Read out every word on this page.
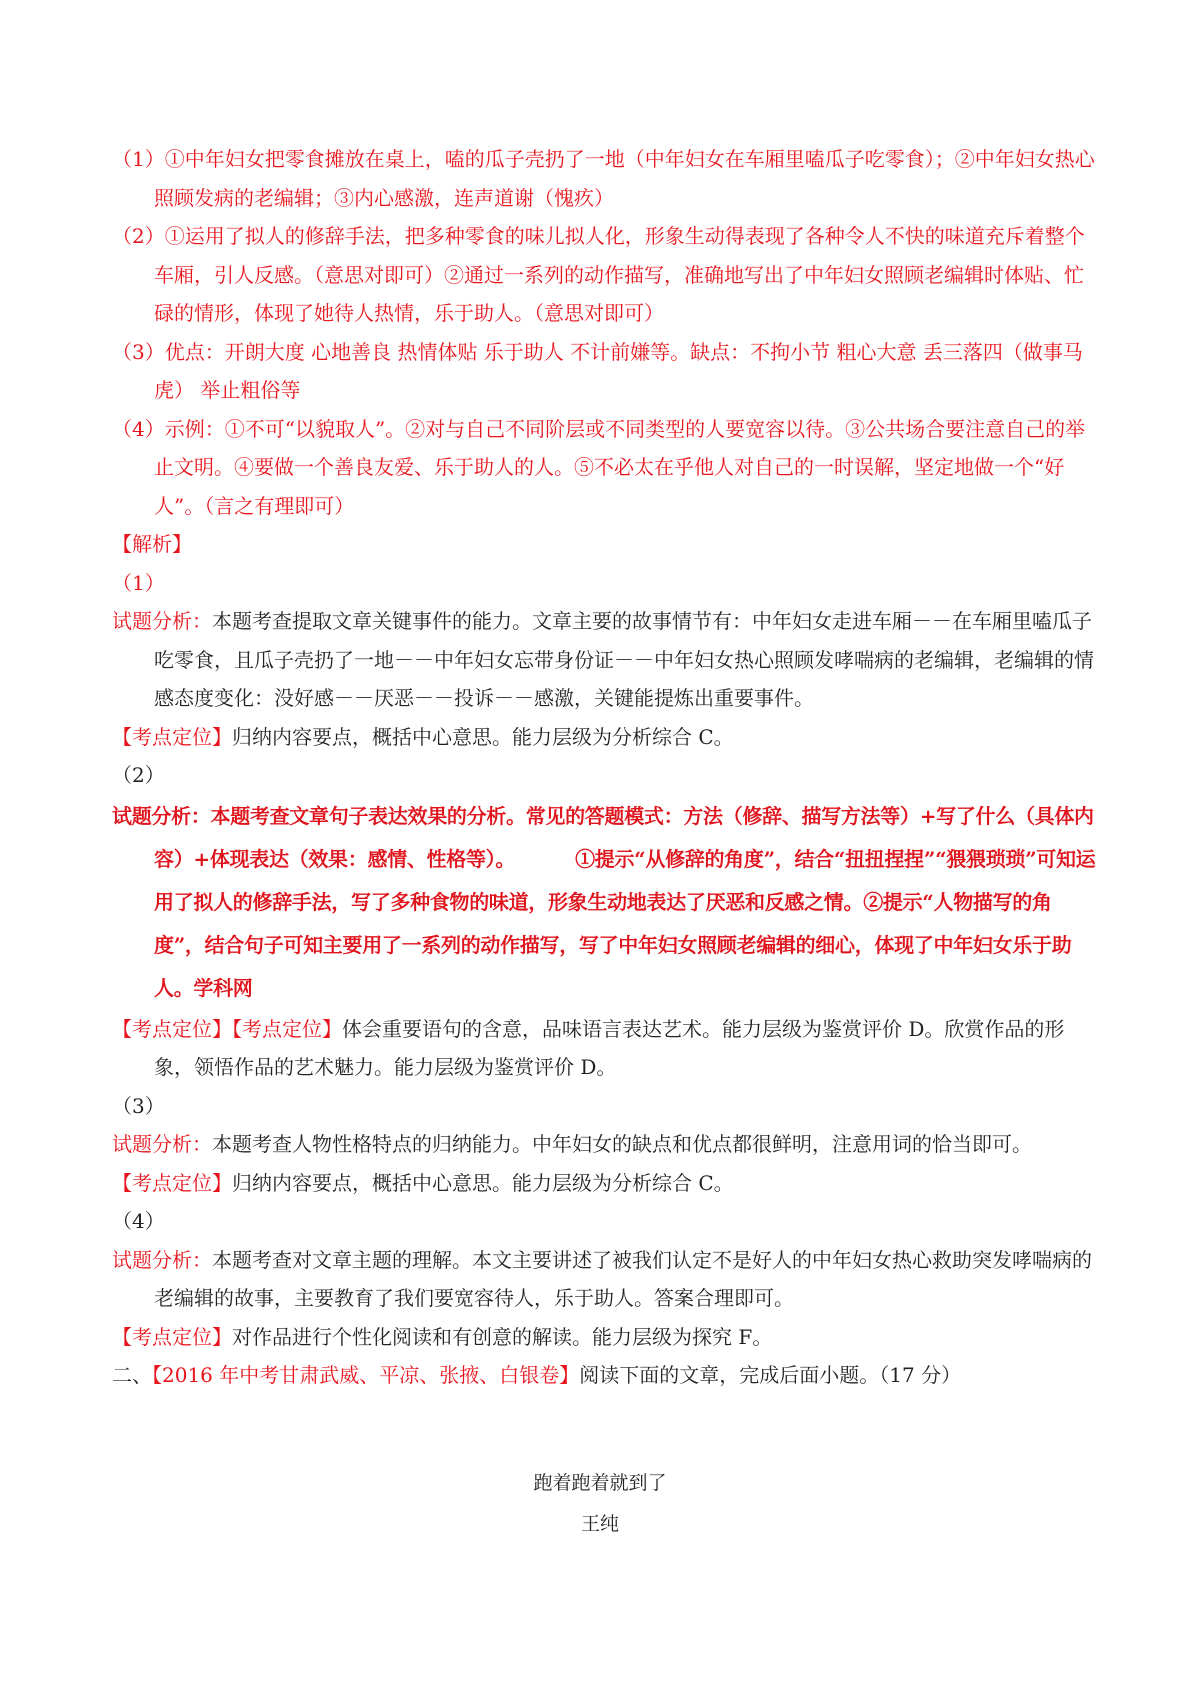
（1）①中年妇女把零食摊放在桌上，嗑的瓜子壳扔了一地（中年妇女在车厢里嗑瓜子吃零食）；②中年妇女热心照顾发病的老编辑；③内心感激，连声道谢（愧疚）

（2）①运用了拟人的修辞手法，把多种零食的味儿拟人化，形象生动得表现了各种令人不快的味道充斥着整个车厢，引人反感。（意思对即可）②通过一系列的动作描写，准确地写出了中年妇女照顾老编辑时体贴、忙碌的情形，体现了她待人热情，乐于助人。（意思对即可）

（3）优点：开朗大度 心地善良 热情体贴 乐于助人 不计前嫌等。缺点：不拘小节 粗心大意 丢三落四（做事马虎） 举止粗俗等

（4）示例：①不可“以貌取人”。②对与自己不同阶层或不同类型的人要宽容以待。③公共场合要注意自己的举止文明。④要做一个善良友爱、乐于助人的人。⑤不必太在乎他人对自己的一时误解，坚定地做一个“好人”。（言之有理即可）

【解析】

（1）

试题分析：本题考查提取文章关键事件的能力。文章主要的故事情节有：中年妇女走进车厢－－在车厢里嗑瓜子吃零食，且瓜子壳扔了一地－－中年妇女忘带身份证－－中年妇女热心照顾发哮喘病的老编辑，老编辑的情感态度变化：没好感－－厌恶－－投诉－－感激，关键能提炼出重要事件。

【考点定位】归纳内容要点，概括中心意思。能力层级为分析综合 C。

（2）

试题分析：本题考查文章句子表达效果的分析。常见的答题模式：方法（修辞、描写方法等）+写了什么（具体内容）+体现表达（效果：感情、性格等）。	①提示“从修辞的角度”，结合“扭扭捏捏”“猥猥琐琐”可知运用了拟人的修辞手法，写了多种食物的味道，形象生动地表达了厌恶和反感之情。②提示“人物描写的角度”，结合句子可知主要用了一系列的动作描写，写了中年妇女照顾老编辑的细心，体现了中年妇女乐于助人。学科网

【考点定位】【考点定位】体会重要语句的含意，品味语言表达艺术。能力层级为鉴赏评价 D。欣赏作品的形象，领悟作品的艺术魅力。能力层级为鉴赏评价 D。

（3）

试题分析：本题考查人物性格特点的归纳能力。中年妇女的缺点和优点都很鲜明，注意用词的恰当即可。

【考点定位】归纳内容要点，概括中心意思。能力层级为分析综合 C。

（4）

试题分析：本题考查对文章主题的理解。本文主要讲述了被我们认定不是好人的中年妇女热心救助突发哮喘病的老编辑的故事，主要教育了我们要宽容待人，乐于助人。答案合理即可。

【考点定位】对作品进行个性化阅读和有创意的解读。能力层级为探究 F。

二、【2016 年中考甘肃武威、平凉、张掖、白银卷】阅读下面的文章，完成后面小题。（17 分）

跑着跑着就到了
王纯
